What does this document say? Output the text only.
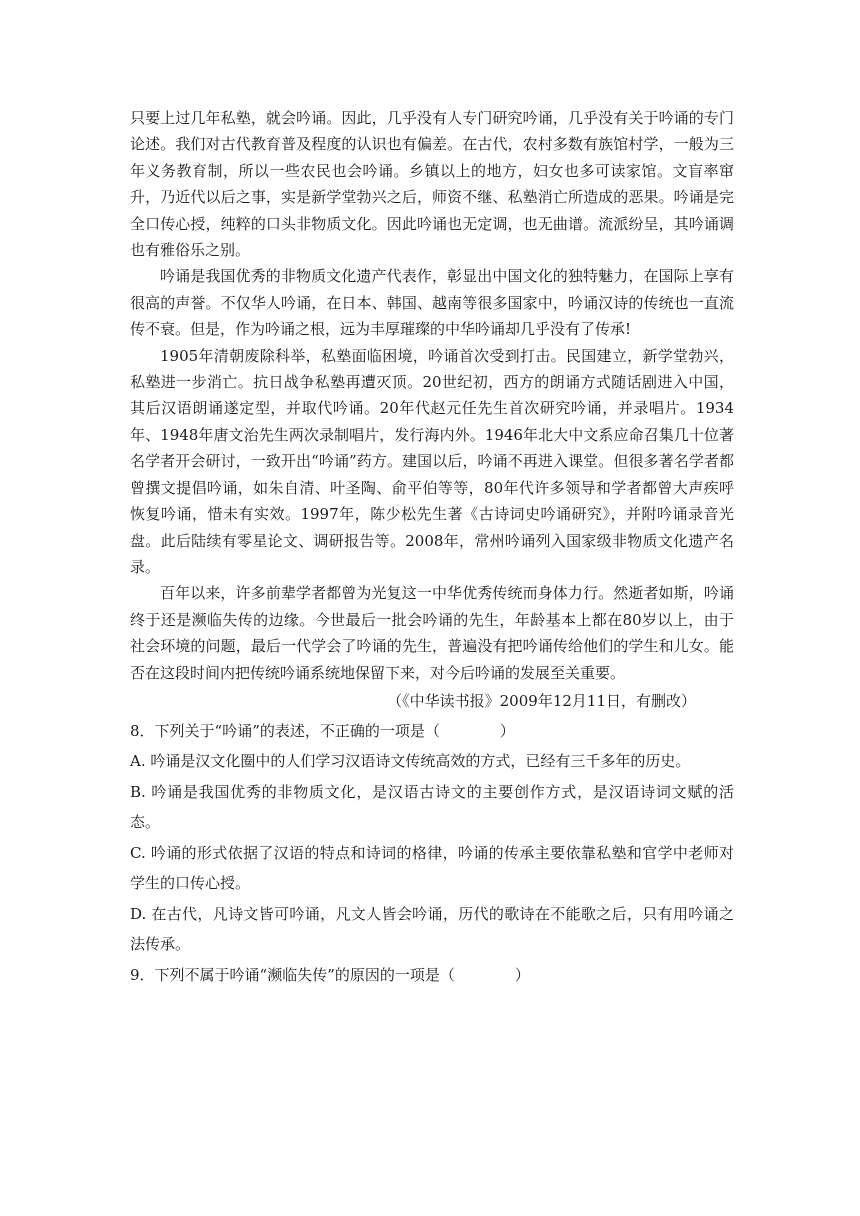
只要上过几年私塾，就会吟诵。因此，几乎没有人专门研究吟诵，几乎没有关于吟诵的专门论述。我们对古代教育普及程度的认识也有偏差。在古代，农村多数有族馆村学，一般为三年义务教育制，所以一些农民也会吟诵。乡镇以上的地方，妇女也多可读家馆。文盲率窜升，乃近代以后之事，实是新学堂勃兴之后，师资不继、私塾消亡所造成的恶果。吟诵是完全口传心授，纯粹的口头非物质文化。因此吟诵也无定调，也无曲谱。流派纷呈，其吟诵调也有雅俗乐之别。

吟诵是我国优秀的非物质文化遗产代表作，彰显出中国文化的独特魅力，在国际上享有很高的声誉。不仅华人吟诵，在日本、韩国、越南等很多国家中，吟诵汉诗的传统也一直流传不衰。但是，作为吟诵之根，远为丰厚璀璨的中华吟诵却几乎没有了传承!

1905年清朝废除科举，私塾面临困境，吟诵首次受到打击。民国建立，新学堂勃兴，私塾进一步消亡。抗日战争私塾再遭灭顶。20世纪初，西方的朗诵方式随话剧进入中国，其后汉语朗诵遂定型，并取代吟诵。20年代赵元任先生首次研究吟诵，并录唱片。1934年、1948年唐文治先生两次录制唱片，发行海内外。1946年北大中文系应命召集几十位著名学者开会研讨，一致开出“吟诵”药方。建国以后，吟诵不再进入课堂。但很多著名学者都曾撰文提倡吟诵，如朱自清、叶圣陶、俞平伯等等，80年代许多领导和学者都曾大声疾呼恢复吟诵，惜未有实效。1997年，陈少松先生著《古诗词史吟诵研究》，并附吟诵录音光盘。此后陆续有零星论文、调研报告等。2008年，常州吟诵列入国家级非物质文化遗产名录。

百年以来，许多前辈学者都曾为光复这一中华优秀传统而身体力行。然逝者如斯，吟诵终于还是濒临失传的边缘。今世最后一批会吟诵的先生，年龄基本上都在80岁以上，由于社会环境的问题，最后一代学会了吟诵的先生，普遍没有把吟诵传给他们的学生和儿女。能否在这段时间内把传统吟诵系统地保留下来，对今后吟诵的发展至关重要。

（《中华读书报》2009年12月11日，有删改）

8．下列关于“吟诵”的表述，不正确的一项是（	）

A. 吟诵是汉文化圈中的人们学习汉语诗文传统高效的方式，已经有三千多年的历史。

B. 吟诵是我国优秀的非物质文化，是汉语古诗文的主要创作方式，是汉语诗词文赋的活态。

C. 吟诵的形式依据了汉语的特点和诗词的格律，吟诵的传承主要依靠私塾和官学中老师对学生的口传心授。

D. 在古代，凡诗文皆可吟诵，凡文人皆会吟诵，历代的歌诗在不能歌之后，只有用吟诵之法传承。

9．下列不属于吟诵“濒临失传”的原因的一项是（	）
